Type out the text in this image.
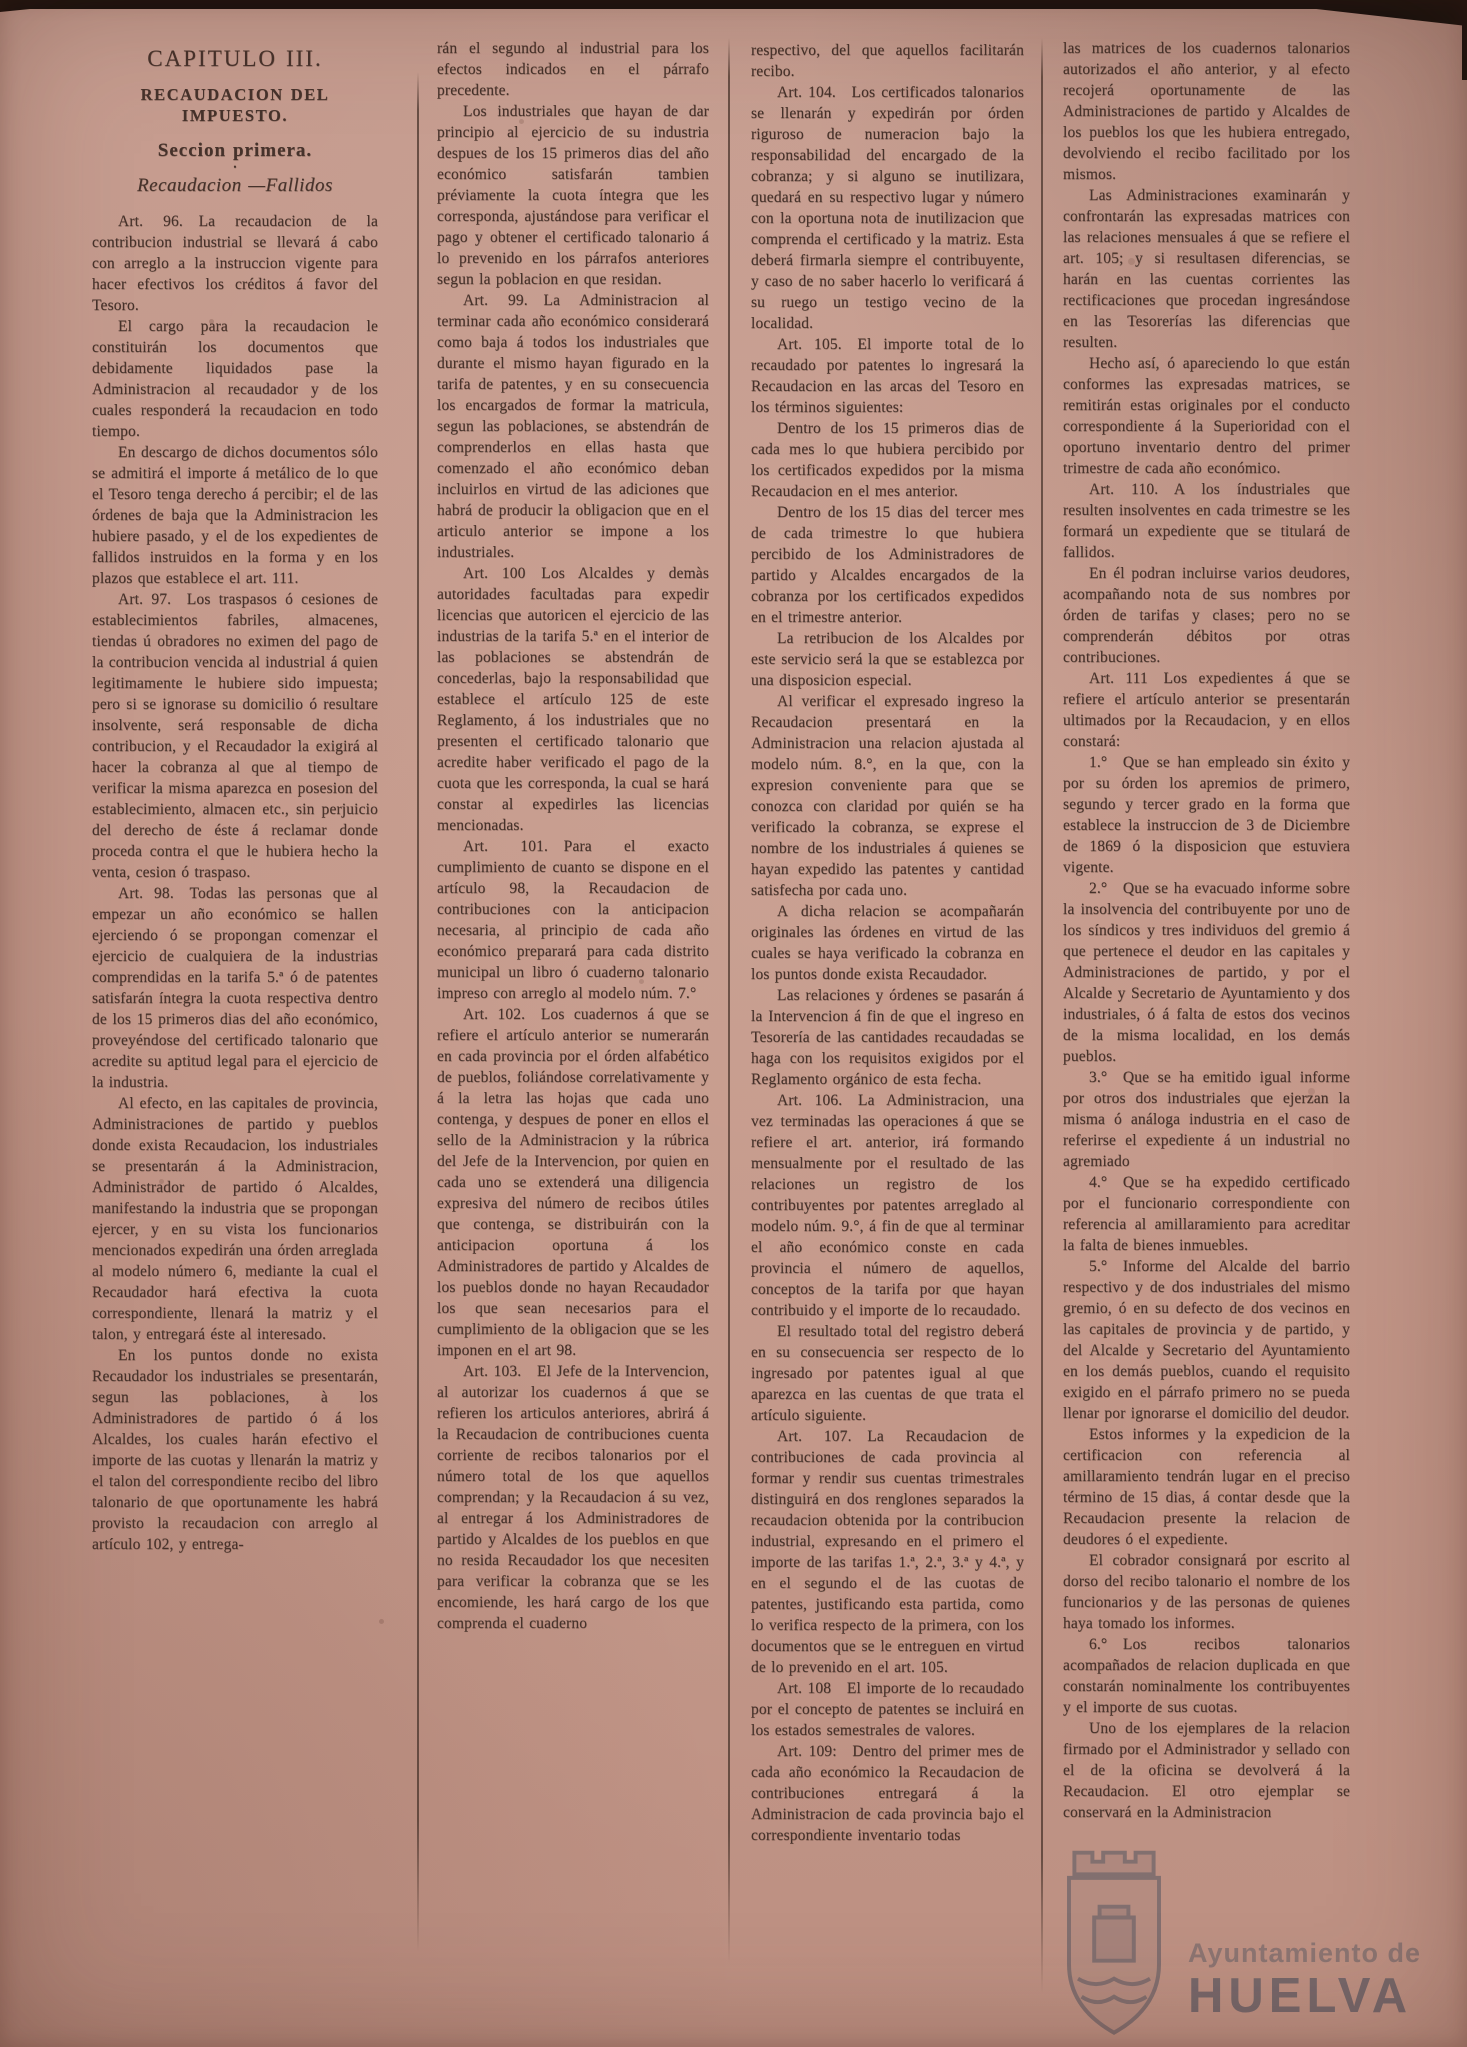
CAPITULO III.

RECAUDACION DEL IMPUESTO.

Seccion primera.

•

Recaudacion —Fallidos

Art. 96. La recaudacion de la contribucion industrial se llevará á cabo con arreglo a la instruccion vigente para hacer efectivos los créditos á favor del Tesoro.

El cargo para la recaudacion le constituirán los documentos que debidamente liquidados pase la Administracion al recaudador y de los cuales responderá la recaudacion en todo tiempo.

En descargo de dichos documentos sólo se admitirá el importe á metálico de lo que el Tesoro tenga derecho á percibir; el de las órdenes de baja que la Administracion les hubiere pasado, y el de los expedientes de fallidos instruidos en la forma y en los plazos que establece el art. 111.

Art. 97. Los traspasos ó cesiones de establecimientos fabriles, almacenes, tiendas ú obradores no eximen del pago de la contribucion vencida al industrial á quien legitimamente le hubiere sido impuesta; pero si se ignorase su domicilio ó resultare insolvente, será responsable de dicha contribucion, y el Recaudador la exigirá al hacer la cobranza al que al tiempo de verificar la misma aparezca en posesion del establecimiento, almacen etc., sin perjuicio del derecho de éste á reclamar donde proceda contra el que le hubiera hecho la venta, cesion ó traspaso.

Art. 98. Todas las personas que al empezar un año económico se hallen ejerciendo ó se propongan comenzar el ejercicio de cualquiera de la industrias comprendidas en la tarifa 5.ª ó de patentes satisfarán íntegra la cuota respectiva dentro de los 15 primeros dias del año económico, proveyéndose del certificado talonario que acredite su aptitud legal para el ejercicio de la industria.

Al efecto, en las capitales de provincia, Administraciones de partido y pueblos donde exista Recaudacion, los industriales se presentarán á la Administracion, Administrador de partido ó Alcaldes, manifestando la industria que se propongan ejercer, y en su vista los funcionarios mencionados expedirán una órden arreglada al modelo número 6, mediante la cual el Recaudador hará efectiva la cuota correspondiente, llenará la matriz y el talon, y entregará éste al interesado.

En los puntos donde no exista Recaudador los industriales se presentarán, segun las poblaciones, à los Administradores de partido ó á los Alcaldes, los cuales harán efectivo el importe de las cuotas y llenarán la matriz y el talon del correspondiente recibo del libro talonario de que oportunamente les habrá provisto la recaudacion con arreglo al artículo 102, y entrega-

rán el segundo al industrial para los efectos indicados en el párrafo precedente.

Los industriales que hayan de dar principio al ejercicio de su industria despues de los 15 primeros dias del año económico satisfarán tambien préviamente la cuota íntegra que les corresponda, ajustándose para verificar el pago y obtener el certificado talonario á lo prevenido en los párrafos anteriores segun la poblacion en que residan.

Art. 99. La Administracion al terminar cada año económico considerará como baja á todos los industriales que durante el mismo hayan figurado en la tarifa de patentes, y en su consecuencia los encargados de formar la matricula, segun las poblaciones, se abstendrán de comprenderlos en ellas hasta que comenzado el año económico deban incluirlos en virtud de las adiciones que habrá de producir la obligacion que en el articulo anterior se impone a los industriales.

Art. 100 Los Alcaldes y demàs autoridades facultadas para expedir licencias que autoricen el ejercicio de las industrias de la tarifa 5.ª en el interior de las poblaciones se abstendrán de concederlas, bajo la responsabilidad que establece el artículo 125 de este Reglamento, á los industriales que no presenten el certificado talonario que acredite haber verificado el pago de la cuota que les corresponda, la cual se hará constar al expedirles las licencias mencionadas.

Art. 101. Para el exacto cumplimiento de cuanto se dispone en el artículo 98, la Recaudacion de contribuciones con la anticipacion necesaria, al principio de cada año económico preparará para cada distrito municipal un libro ó cuaderno talonario impreso con arreglo al modelo núm. 7.°

Art. 102. Los cuadernos á que se refiere el artículo anterior se numerarán en cada provincia por el órden alfabético de pueblos, foliándose correlativamente y á la letra las hojas que cada uno contenga, y despues de poner en ellos el sello de la Administracion y la rúbrica del Jefe de la Intervencion, por quien en cada uno se extenderá una diligencia expresiva del número de recibos útiles que contenga, se distribuirán con la anticipacion oportuna á los Administradores de partido y Alcaldes de los pueblos donde no hayan Recaudador los que sean necesarios para el cumplimiento de la obligacion que se les imponen en el art 98.

Art. 103. El Jefe de la Intervencion, al autorizar los cuadernos á que se refieren los articulos anteriores, abrirá á la Recaudacion de contribuciones cuenta corriente de recibos talonarios por el número total de los que aquellos comprendan; y la Recaudacion á su vez, al entregar á los Administradores de partido y Alcaldes de los pueblos en que no resida Recaudador los que necesiten para verificar la cobranza que se les encomiende, les hará cargo de los que comprenda el cuaderno

respectivo, del que aquellos facilitarán recibo.

Art. 104. Los certificados talonarios se llenarán y expedirán por órden riguroso de numeracion bajo la responsabilidad del encargado de la cobranza; y si alguno se inutilizara, quedará en su respectivo lugar y número con la oportuna nota de inutilizacion que comprenda el certificado y la matriz. Esta deberá firmarla siempre el contribuyente, y caso de no saber hacerlo lo verificará á su ruego un testigo vecino de la localidad.

Art. 105. El importe total de lo recaudado por patentes lo ingresará la Recaudacion en las arcas del Tesoro en los términos siguientes:

Dentro de los 15 primeros dias de cada mes lo que hubiera percibido por los certificados expedidos por la misma Recaudacion en el mes anterior.

Dentro de los 15 dias del tercer mes de cada trimestre lo que hubiera percibido de los Administradores de partido y Alcaldes encargados de la cobranza por los certificados expedidos en el trimestre anterior.

La retribucion de los Alcaldes por este servicio será la que se establezca por una disposicion especial.

Al verificar el expresado ingreso la Recaudacion presentará en la Administracion una relacion ajustada al modelo núm. 8.°, en la que, con la expresion conveniente para que se conozca con claridad por quién se ha verificado la cobranza, se exprese el nombre de los industriales á quienes se hayan expedido las patentes y cantidad satisfecha por cada uno.

A dicha relacion se acompañarán originales las órdenes en virtud de las cuales se haya verificado la cobranza en los puntos donde exista Recaudador.

Las relaciones y órdenes se pasarán á la Intervencion á fin de que el ingreso en Tesorería de las cantidades recaudadas se haga con los requisitos exigidos por el Reglamento orgánico de esta fecha.

Art. 106. La Administracion, una vez terminadas las operaciones á que se refiere el art. anterior, irá formando mensualmente por el resultado de las relaciones un registro de los contribuyentes por patentes arreglado al modelo núm. 9.°, á fin de que al terminar el año económico conste en cada provincia el número de aquellos, conceptos de la tarifa por que hayan contribuido y el importe de lo recaudado.

El resultado total del registro deberá en su consecuencia ser respecto de lo ingresado por patentes igual al que aparezca en las cuentas de que trata el artículo siguiente.

Art. 107. La Recaudacion de contribuciones de cada provincia al formar y rendir sus cuentas trimestrales distinguirá en dos renglones separados la recaudacion obtenida por la contribucion industrial, expresando en el primero el importe de las tarifas 1.ª, 2.ª, 3.ª y 4.ª, y en el segundo el de las cuotas de patentes, justificando esta partida, como lo verifica respecto de la primera, con los documentos que se le entreguen en virtud de lo prevenido en el art. 105.

Art. 108 El importe de lo recaudado por el concepto de patentes se incluirá en los estados semestrales de valores.

Art. 109: Dentro del primer mes de cada año económico la Recaudacion de contribuciones entregará á la Administracion de cada provincia bajo el correspondiente inventario todas

las matrices de los cuadernos talonarios autorizados el año anterior, y al efecto recojerá oportunamente de las Administraciones de partido y Alcaldes de los pueblos los que les hubiera entregado, devolviendo el recibo facilitado por los mismos.

Las Administraciones examinarán y confrontarán las expresadas matrices con las relaciones mensuales á que se refiere el art. 105; y si resultasen diferencias, se harán en las cuentas corrientes las rectificaciones que procedan ingresándose en las Tesorerías las diferencias que resulten.

Hecho así, ó apareciendo lo que están conformes las expresadas matrices, se remitirán estas originales por el conducto correspondiente á la Superioridad con el oportuno inventario dentro del primer trimestre de cada año económico.

Art. 110. A los índustriales que resulten insolventes en cada trimestre se les formará un expediente que se titulará de fallidos.

En él podran incluirse varios deudores, acompañando nota de sus nombres por órden de tarifas y clases; pero no se comprenderán débitos por otras contribuciones.

Art. 111 Los expedientes á que se refiere el artículo anterior se presentarán ultimados por la Recaudacion, y en ellos constará:

1.° Que se han empleado sin éxito y por su órden los apremios de primero, segundo y tercer grado en la forma que establece la instruccion de 3 de Diciembre de 1869 ó la disposicion que estuviera vigente.

2.° Que se ha evacuado informe sobre la insolvencia del contribuyente por uno de los síndicos y tres individuos del gremio á que pertenece el deudor en las capitales y Administraciones de partido, y por el Alcalde y Secretario de Ayuntamiento y dos industriales, ó á falta de estos dos vecinos de la misma localidad, en los demás pueblos.

3.° Que se ha emitido igual informe por otros dos industriales que ejerzan la misma ó análoga industria en el caso de referirse el expediente á un industrial no agremiado

4.° Que se ha expedido certificado por el funcionario correspondiente con referencia al amillaramiento para acreditar la falta de bienes inmuebles.

5.° Informe del Alcalde del barrio respectivo y de dos industriales del mismo gremio, ó en su defecto de dos vecinos en las capitales de provincia y de partido, y del Alcalde y Secretario del Ayuntamiento en los demás pueblos, cuando el requisito exigido en el párrafo primero no se pueda llenar por ignorarse el domicilio del deudor.

Estos informes y la expedicion de la certificacion con referencia al amillaramiento tendrán lugar en el preciso término de 15 dias, á contar desde que la Recaudacion presente la relacion de deudores ó el expediente.

El cobrador consignará por escrito al dorso del recibo talonario el nombre de los funcionarios y de las personas de quienes haya tomado los informes.

6.° Los recibos talonarios acompañados de relacion duplicada en que constarán nominalmente los contribuyentes y el importe de sus cuotas.

Uno de los ejemplares de la relacion firmado por el Administrador y sellado con el de la oficina se devolverá á la Recaudacion. El otro ejemplar se conservará en la Administracion

Ayuntamiento de
HUELVA
